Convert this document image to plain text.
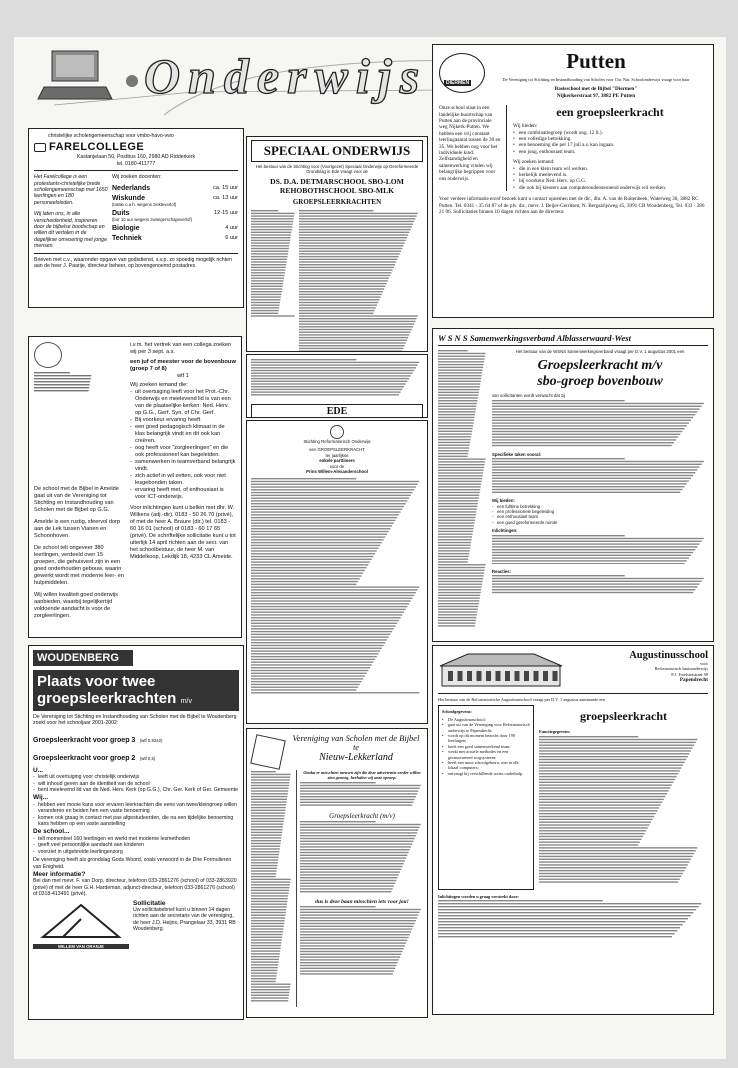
Onderwijs
christelijke scholengemeenschap voor vmbo-havo-vwo
FARELCOLLEGE
Kastanjelaan 50, Postbus 160, 2980 AD Ridderkerk
tel. 0180-411777

Het Farelcollege is een protestants-christelijke brede scholengemeenschap met 1650 leerlingen en 180 personeelsleden.

Wij laten ons, in alle verscheidenheid, inspireren door de bijbelse boodschap en willen dit vertalen in de dagelijkse omvoering met jonge mensen.

Wij zoeken docenten:
Nederlands	ca. 15 uur
Wiskunde	ca. 13 uur
(totale o.a.h. wegens ziekteverlof)
Duits	12-15 uur
(bor 10 uur wegens zwangerschapsverlof)
Biologie	4 uur
Techniek	6 uur

Brieven met c.v., waaronder opgave van godsdienst, s.v.p. zo spoedig mogelijk richten aan de heer J. Paarije, directeur beheer, op bovengenoemd postadres.

SPECIAAL ONDERWIJS

Het bestuur van de Stichting voor (Voortgezet) Speciaal Onderwijs op Gereformeerde Grondslag in Ede vraagt voor de

DS. D.A. DETMARSCHOOL SBO-LOM
REHOBOTHSCHOOL SBO-MLK
GROEPSLEERKRACHTEN
EDE
DIERMEN
Putten

De Vereniging tot Stichting en Instandhouding van Scholen voor Chr. Nat. Schoolonderwijs vraagt voor haar

Basisschool met de Bijbel "Diermen"
Nijkerkerstraat 97, 3882 PE Putten

Onze school staat in een landelijke buurtschap van Putten aan de provinciale weg Nijkerk-Putten. We hebben een vrij constant leerlingaantal tussen de 30 en 35. We hebben oog voor het individuele kind. Zelfstandigheid en samenwerking vinden wij belangrijke begrippen voor ons onderwijs.

een groepsleerkracht
Wij bieden:
• een combinatiegroep (wordt ong. 12 ll.).
• een volledige betrekking.
• een benoeming die per 17 juli a.s. kan ingaan.
• een jong, enthousiast team.
Wij zoeken iemand:
• die in een klein team wil werken.
• kerkelijk meelevend is.
• bij voorkeur Ned. Herv. op G.G.
• die ook bij kleuters aan computerondersteunend onderwijs wil werken.

Voor verdere informatie en/of bezoek kunt u contact opnemen met de dir., dhr. A. van de Ruitenbeek, Waterweg 30, 3882 RC Putten. Tel. 0341 - 35 64 87 of de plv. dir., mevr. J. Beijer-Gerritsen, N. Bergsarijsweg 45, 3991 CR Woudenberg, Tel. 033 - 286 21 06. Sollicitaties binnen 10 dagen richten aan de directeur.

De school met de Bijbel in Amelde gaat uit van de Vereniging tot Stichting en Instandhouding van Scholen met de Bijbel op G.G.

Amelde is een rustig, sfeervol dorp aan de Lek tussen Vianen en Schoonhoven.

De school telt ongeveer 380 leerlingen, verdeeld over 15 groepen, die gehuisvest zijn in een goed onderhouden gebouw, waarin gewerkt wordt met moderne leer- en hulpmiddelen.

Wij willen kwaliteit goed onderwijs aanbieden, waarbij tegelijkertijd voldoende aandacht is voor de zorgleerlingen.

i.v.m. het vertrek van een collega zoeken wij per 3 sept. a.s.

een juf of meester voor de bovenbouw (groep 7 of 8)

wtf 1
Wij zoeken iemand die:
- uit overtuiging leeft voor het Prot.-Chr. Onderwijs en meelevend lid is van een van de plaatselijke kerken: Ned. Herv. op G.G., Gerf. Syn. of Chr. Gerf.
- Bij voorkeur ervaring heeft
- een goed pedagogisch klimaat in de klas belangrijk vindt en dit ook kan creëren.
- oog heeft voor "zorgleerlingen" en die ook professioneel kan begeleiden.
- samenwerken in teamverband belangrijk vindt.
- zich actief in wil zetten, ook voor niet lesgebonden taken.
- ervaring heeft met, of enthousiast is voor ICT-onderwijs.

Voor inlichtingen kunt u bellen met dhr. W. Wilkens (adj.-dir), 0183 - 50 26 70 (privé), of met de heer A. Braure (dir.) tel. 0183 - 60 16 01 (school) of 0183 - 60 17 65 (privé). De schriftelijke sollicitatie kunt u tot uiterlijk 14 april richten aan de secr. van het schoolbestuur, de heer M. van Middelkoop, Lekdijk 18, 4233 CL Ameide.

Stichting Reformatorisch Onderwijs
een GROEPSLEERKRACHT
ter jaarlijkse
enkele parttimers
voor de
Prins Willem-Alexanderschool
W S N S Samenwerkingsverband Alblasserwaard-West

Het bestuur van de WSNS Samenwerkingsverband vraagt per D.V. 1 augustus 2001 een

Groepsleerkracht m/v
sbo-groep bovenbouw
van sollicitanten wordt verwacht dat zij
Specifieke taken vooral:
Wij bieden:
- een fulltime betrekking
- een professionele begeleiding
- een enthousiast team
- een goed gereformeerde ruimte
Inlichtingen:
Reacties:
WOUDENBERG
Plaats voor twee
groepsleerkrachten m/v

De Vereniging tot Stichting en Instandhouding van Scholen met de Bijbel te Woudenberg zoekt voor het schooljaar 2001-2002:

Groepsleerkracht voor groep 3 (wtf 0,9342)
Groepsleerkracht voor groep 2 (wtf 0,5)
U...
- leeft uit overtuiging voor christelijk onderwijs
- wilt inhoud geven aan de identiteit van de school
- bent meelevend lid van de Ned. Herv. Kerk (op G.G.), Chr. Ger. Kerk of Ger. Gemeente
Wij...
- hebben een mooie kans voor ervaren leerkrachten die eens van twee/kleingroep willen veranderen en beiden hen een vaste benoeming
- komen ook graag in contact met pas afgestudeerden, die na een tijdelijke benoeming kans hebben op een vaste aanstelling
De school...
- telt momenteel 160 leerlingen en werkt met moderne lesmethoden
- geeft veel persoonlijke aandacht aan kinderen
- voorziet in uitgebreide leerlingenzorg

De vereniging heeft als grondslag Gods Woord, zoals verwoord in de Drie Formulieren van Enigheid.

Meer informatie?

Bel dan met mevr. F. van Dorp, directeur, telefoon 033-2861276 (school) of 033-2863920 (privé) of met de heer G.H. Hardeman, adjunct-directeur, telefoon 033-2861276 (school) of 0318-413491 (privé).

WILLEM VAN ORANJE
Sollicitatie

Uw sollicitatiebrief kunt u binnen 14 dagen richten aan de secretaris van de vereniging, de heer J.D. Heijns, Prangelaar 33, 3931 RB Woudenberg.

Vereniging van Scholen met de Bijbel
te
Nieuw-Lekkerland

Omdat er misschien mensen zijn die deze advertentie eerder willen zien genoeg, herhalen wij onze oproep.

Groepsleerkracht (m/v)
dus is deze baan misschien iets voor jou!
Augustinusschool
voor
Reformatorisch basisonderwijs
P.J. Troelstrastraat 98
Papendrecht

Het bestuur van de Reformatorische Augustinusschool vraagt per D.V. 1 augustus aanstaande een

Schoolgegevens:
• De Augustinusschool:
• gaat uit van de Vereniging voor Reformatorisch onderwijs te Papendrecht;
• wordt op dit moment bezocht door 190 leerlingen;
• heeft een goed samenwerkend team;
• werkt met actuele methodes en een gestructureerd zorgsysteem;
• heeft een mooi schoolgebouw, met in elk lokaal computers;
• ontvangt bij verschillende acties ouderhulp.
groepsleerkracht
Functiegegevens:
Inlichtingen worden u graag verstrekt door:
